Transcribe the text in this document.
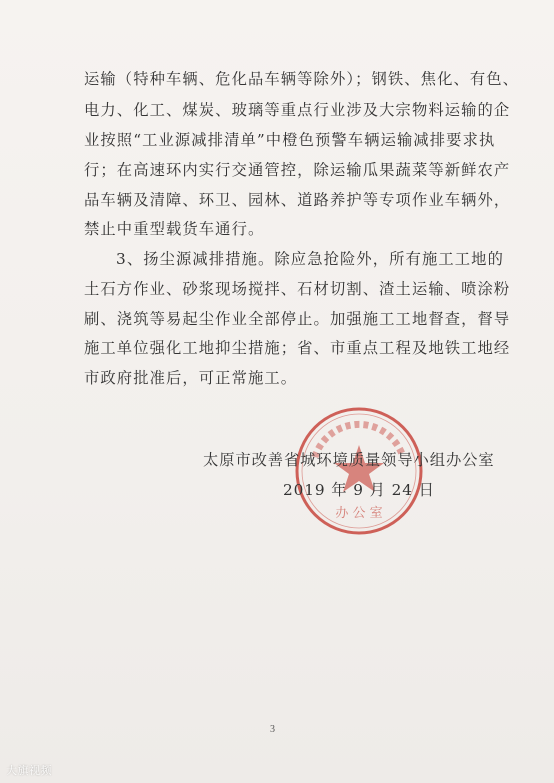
运输（特种车辆、危化品车辆等除外）；钢铁、焦化、有色、
电力、化工、煤炭、玻璃等重点行业涉及大宗物料运输的企
业按照“工业源减排清单”中橙色预警车辆运输减排要求执
行；在高速环内实行交通管控，除运输瓜果蔬菜等新鲜农产
品车辆及清障、环卫、园林、道路养护等专项作业车辆外，
禁止中重型载货车通行。
3、扬尘源减排措施。除应急抢险外，所有施工工地的
土石方作业、砂浆现场搅拌、石材切割、渣土运输、喷涂粉
刷、浇筑等易起尘作业全部停止。加强施工工地督查，督导
施工单位强化工地抑尘措施；省、市重点工程及地铁工地经
市政府批准后，可正常施工。
办 公 室
太原市改善省城环境质量领导小组办公室
2019 年 9 月 24 日
3
大旗视频
